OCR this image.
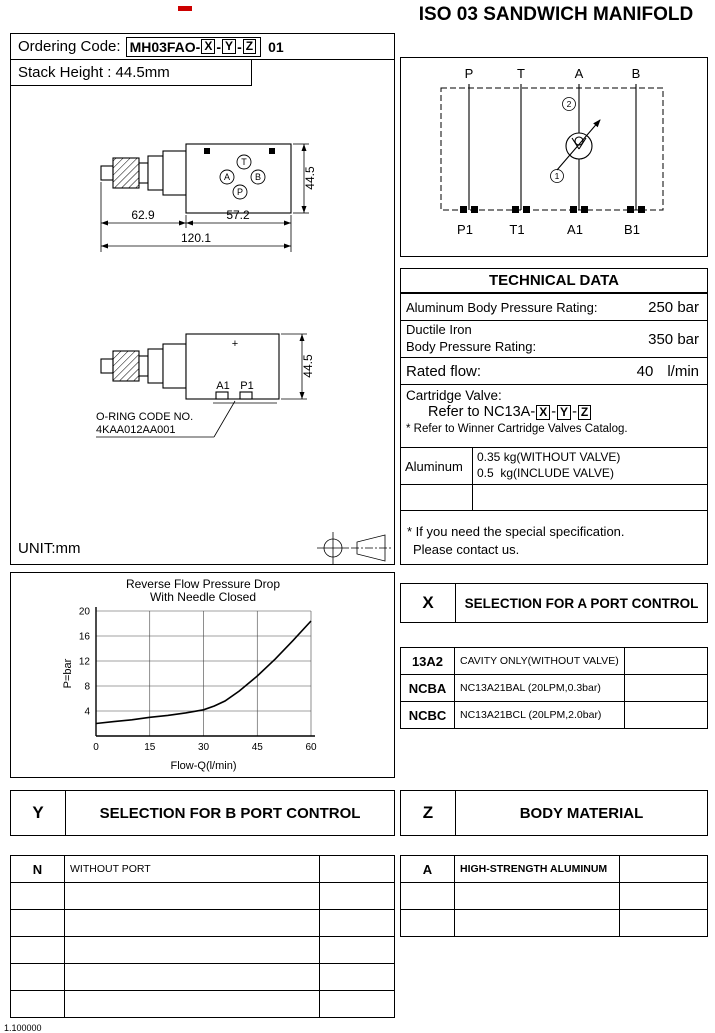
ISO 03 SANDWICH MANIFOLD
Ordering Code: MH03FAO- X - Y - Z 01
Stack Height : 44.5mm
T
A	B
P
62.9	57.2
120.1
44.5
+
A1 P1
44.5
O-RING CODE NO.
4KAA012AA001
UNIT:mm
P	T	A	B
2
1
P1	T1	A1	B1
TECHNICAL DATA
Aluminum Body Pressure Rating:	250 bar
Ductile Iron
Body Pressure Rating:	350 bar
Rated flow:	40 l/min
Cartridge Valve:
Refer to NC13A- X - Y - Z
* Refer to Winner Cartridge Valves Catalog.
Aluminum
0.35 kg(WITHOUT VALVE)
0.5  kg(INCLUDE VALVE)
* If you need the special specification.
Please contact us.
4
8
12
16
20
0	15	30	45	60
Reverse Flow Pressure Drop
With Needle Closed
Flow-Q(l/min)
P=bar
X	SELECTION FOR A PORT CONTROL
13A2	CAVITY ONLY(WITHOUT VALVE)
NCBA	NC13A21BAL (20LPM,0.3bar)
NCBC	NC13A21BCL (20LPM,2.0bar)
Y	SELECTION FOR B PORT CONTROL
N	WITHOUT PORT
Z	BODY MATERIAL
A	HIGH-STRENGTH ALUMINUM
1.100000
